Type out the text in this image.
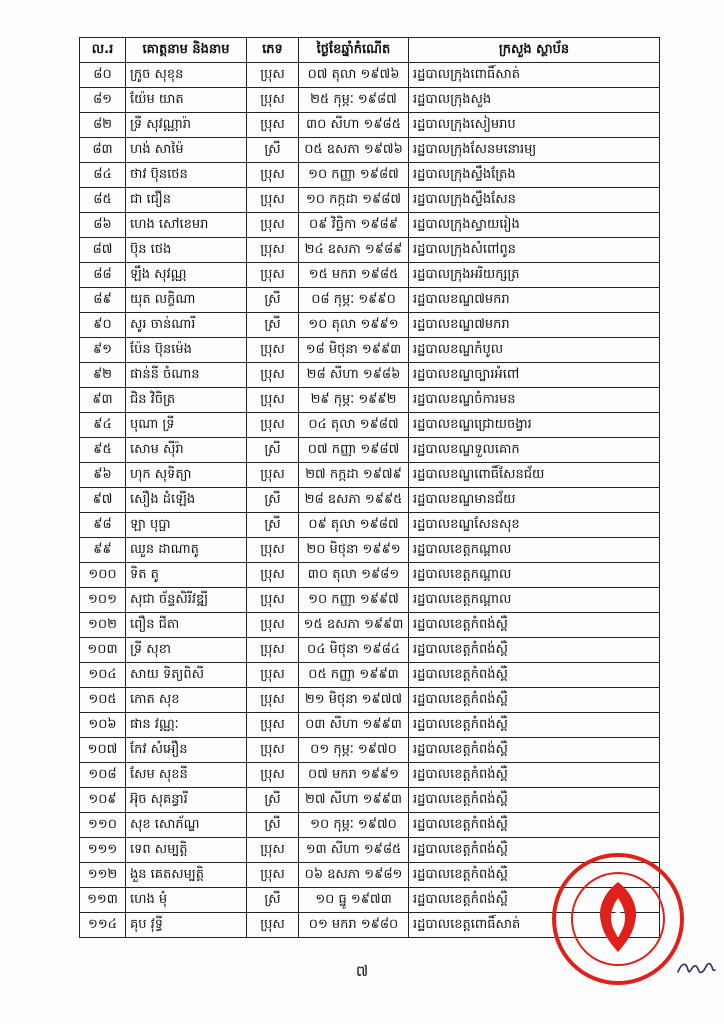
ល.រ	គោត្តនាម និងនាម	ភេទ	ថ្ងៃខែឆ្នាំកំណើត	ក្រសួង ស្ថាប័ន
៨០	ក្រូច សុខុន	ប្រុស	០៧ តុលា ១៩៧៦	រដ្ឋបាលក្រុងពោធិ៍សាត់
៨១	យ៉ែម យាត	ប្រុស	២៥ កុម្ភៈ ១៩៨៧	រដ្ឋបាលក្រុងសួង
៨២	ទ្រី សុវណ្ណារ៉ា	ប្រុស	៣០ សីហា ១៩៨៥	រដ្ឋបាលក្រុងសៀមរាប
៨៣	ហង់ សាម៉ៃ	ស្រី	០៥ ឧសភា ១៩៧៦	រដ្ឋបាលក្រុងសែនមនោរម្យ
៨៤	ថាវ ប៊ុនថេន	ប្រុស	១០ កញ្ញា ១៩៨៧	រដ្ឋបាលក្រុងស្ទឹងត្រែង
៨៥	ជា ជឿន	ប្រុស	១០ កក្កដា ១៩៨៧	រដ្ឋបាលក្រុងស្ទឹងសែន
៨៦	ហេង សៅខេមរា	ប្រុស	០៩ វិច្ឆិកា ១៩៨៩	រដ្ឋបាលក្រុងស្វាយរៀង
៨៧	ប៊ុន ថេង	ប្រុស	២៤ ឧសភា ១៩៨៩	រដ្ឋបាលក្រុងសំពៅពូន
៨៨	ឡឹង សុវណ្ណ	ប្រុស	១៥ មករា ១៩៨៥	រដ្ឋបាលក្រុងអរិយក្សត្រ
៨៩	យុត លក្ខិណា	ស្រី	០៨ កុម្ភៈ ១៩៩០	រដ្ឋបាលខណ្ឌ៧មករា
៩០	សូរ ចាន់ណារី	ស្រី	១០ តុលា ១៩៩១	រដ្ឋបាលខណ្ឌ៧មករា
៩១	ប៉ែន ប៊ុនម៉េង	ប្រុស	១៨ មិថុនា ១៩៩៣	រដ្ឋបាលខណ្ឌកំបូល
៩២	ផាន់នី ចំណាន	ប្រុស	២៨ សីហា ១៩៨៦	រដ្ឋបាលខណ្ឌច្បារអំពៅ
៩៣	ជិន វិចិត្រ	ប្រុស	២៩ កុម្ភៈ ១៩៩២	រដ្ឋបាលខណ្ឌចំការមន
៩៤	បុណា ទ្រី	ប្រុស	០៤ តុលា ១៩៨៧	រដ្ឋបាលខណ្ឌជ្រោយចង្វារ
៩៥	សោម ស៊ីរ៉ា	ស្រី	០៧ កញ្ញា ១៩៨៧	រដ្ឋបាលខណ្ឌទួលគោក
៩៦	ហុក សុទិត្យា	ប្រុស	២៧ កក្កដា ១៩៧៩	រដ្ឋបាលខណ្ឌពោធិ៍សែនជ័យ
៩៧	សឿង ដំឡើង	ស្រី	២៨ ឧសភា ១៩៩៥	រដ្ឋបាលខណ្ឌមានជ័យ
៩៨	ឡា បុប្ផា	ស្រី	០៩ តុលា ១៩៨៧	រដ្ឋបាលខណ្ឌសែនសុខ
៩៩	ឈួន ដាណាតូ	ប្រុស	២០ មិថុនា ១៩៩១	រដ្ឋបាលខេត្តកណ្ដាល
១០០	ទិត តូ	ប្រុស	៣០ តុលា ១៩៨១	រដ្ឋបាលខេត្តកណ្ដាល
១០១	សុជា ច័ន្ទសិរីវឌ្ឍី	ប្រុស	១០ កញ្ញា ១៩៩៧	រដ្ឋបាលខេត្តកណ្ដាល
១០២	ពឿន ជីតា	ប្រុស	១៥ ឧសភា ១៩៩៣	រដ្ឋបាលខេត្តកំពង់ស្ពឺ
១០៣	ទ្រី សុខា	ប្រុស	០៤ មិថុនា ១៩៨៤	រដ្ឋបាលខេត្តកំពង់ស្ពឺ
១០៤	សាយ ទិត្យពិសី	ប្រុស	០៥ កញ្ញា ១៩៩៣	រដ្ឋបាលខេត្តកំពង់ស្ពឺ
១០៥	កោត សុខ	ប្រុស	២១ មិថុនា ១៩៧៧	រដ្ឋបាលខេត្តកំពង់ស្ពឺ
១០៦	ផាន វណ្ណៈ	ប្រុស	០៣ សីហា ១៩៩៣	រដ្ឋបាលខេត្តកំពង់ស្ពឺ
១០៧	កែវ សំអឿន	ប្រុស	០១ កុម្ភៈ ១៩៧០	រដ្ឋបាលខេត្តកំពង់ស្ពឺ
១០៨	សែម សុខនី	ប្រុស	០៧ មករា ១៩៩១	រដ្ឋបាលខេត្តកំពង់ស្ពឺ
១០៩	អ៊ុច សុគន្ធារី	ស្រី	២៧ សីហា ១៩៩៣	រដ្ឋបាលខេត្តកំពង់ស្ពឺ
១១០	សុខ សោភ័ណ្ឌ	ស្រី	១០ កុម្ភៈ ១៩៧០	រដ្ឋបាលខេត្តកំពង់ស្ពឺ
១១១	ទេព សម្បត្តិ	ប្រុស	១៣ សីហា ១៩៨៥	រដ្ឋបាលខេត្តកំពង់ស្ពឺ
១១២	ងួន គេតសម្បត្តិ	ប្រុស	០៦ ឧសភា ១៩៨១	រដ្ឋបាលខេត្តកំពង់ស្ពឺ
១១៣	ហេង មុំ	ស្រី	១០ ធ្នូ ១៩៧៣	រដ្ឋបាលខេត្តកំពង់ស្ពឺ
១១៤	គុប វុទ្ធី	ប្រុស	០១ មករា ១៩៨០	រដ្ឋបាលខេត្តពោធិ៍សាត់
៧
